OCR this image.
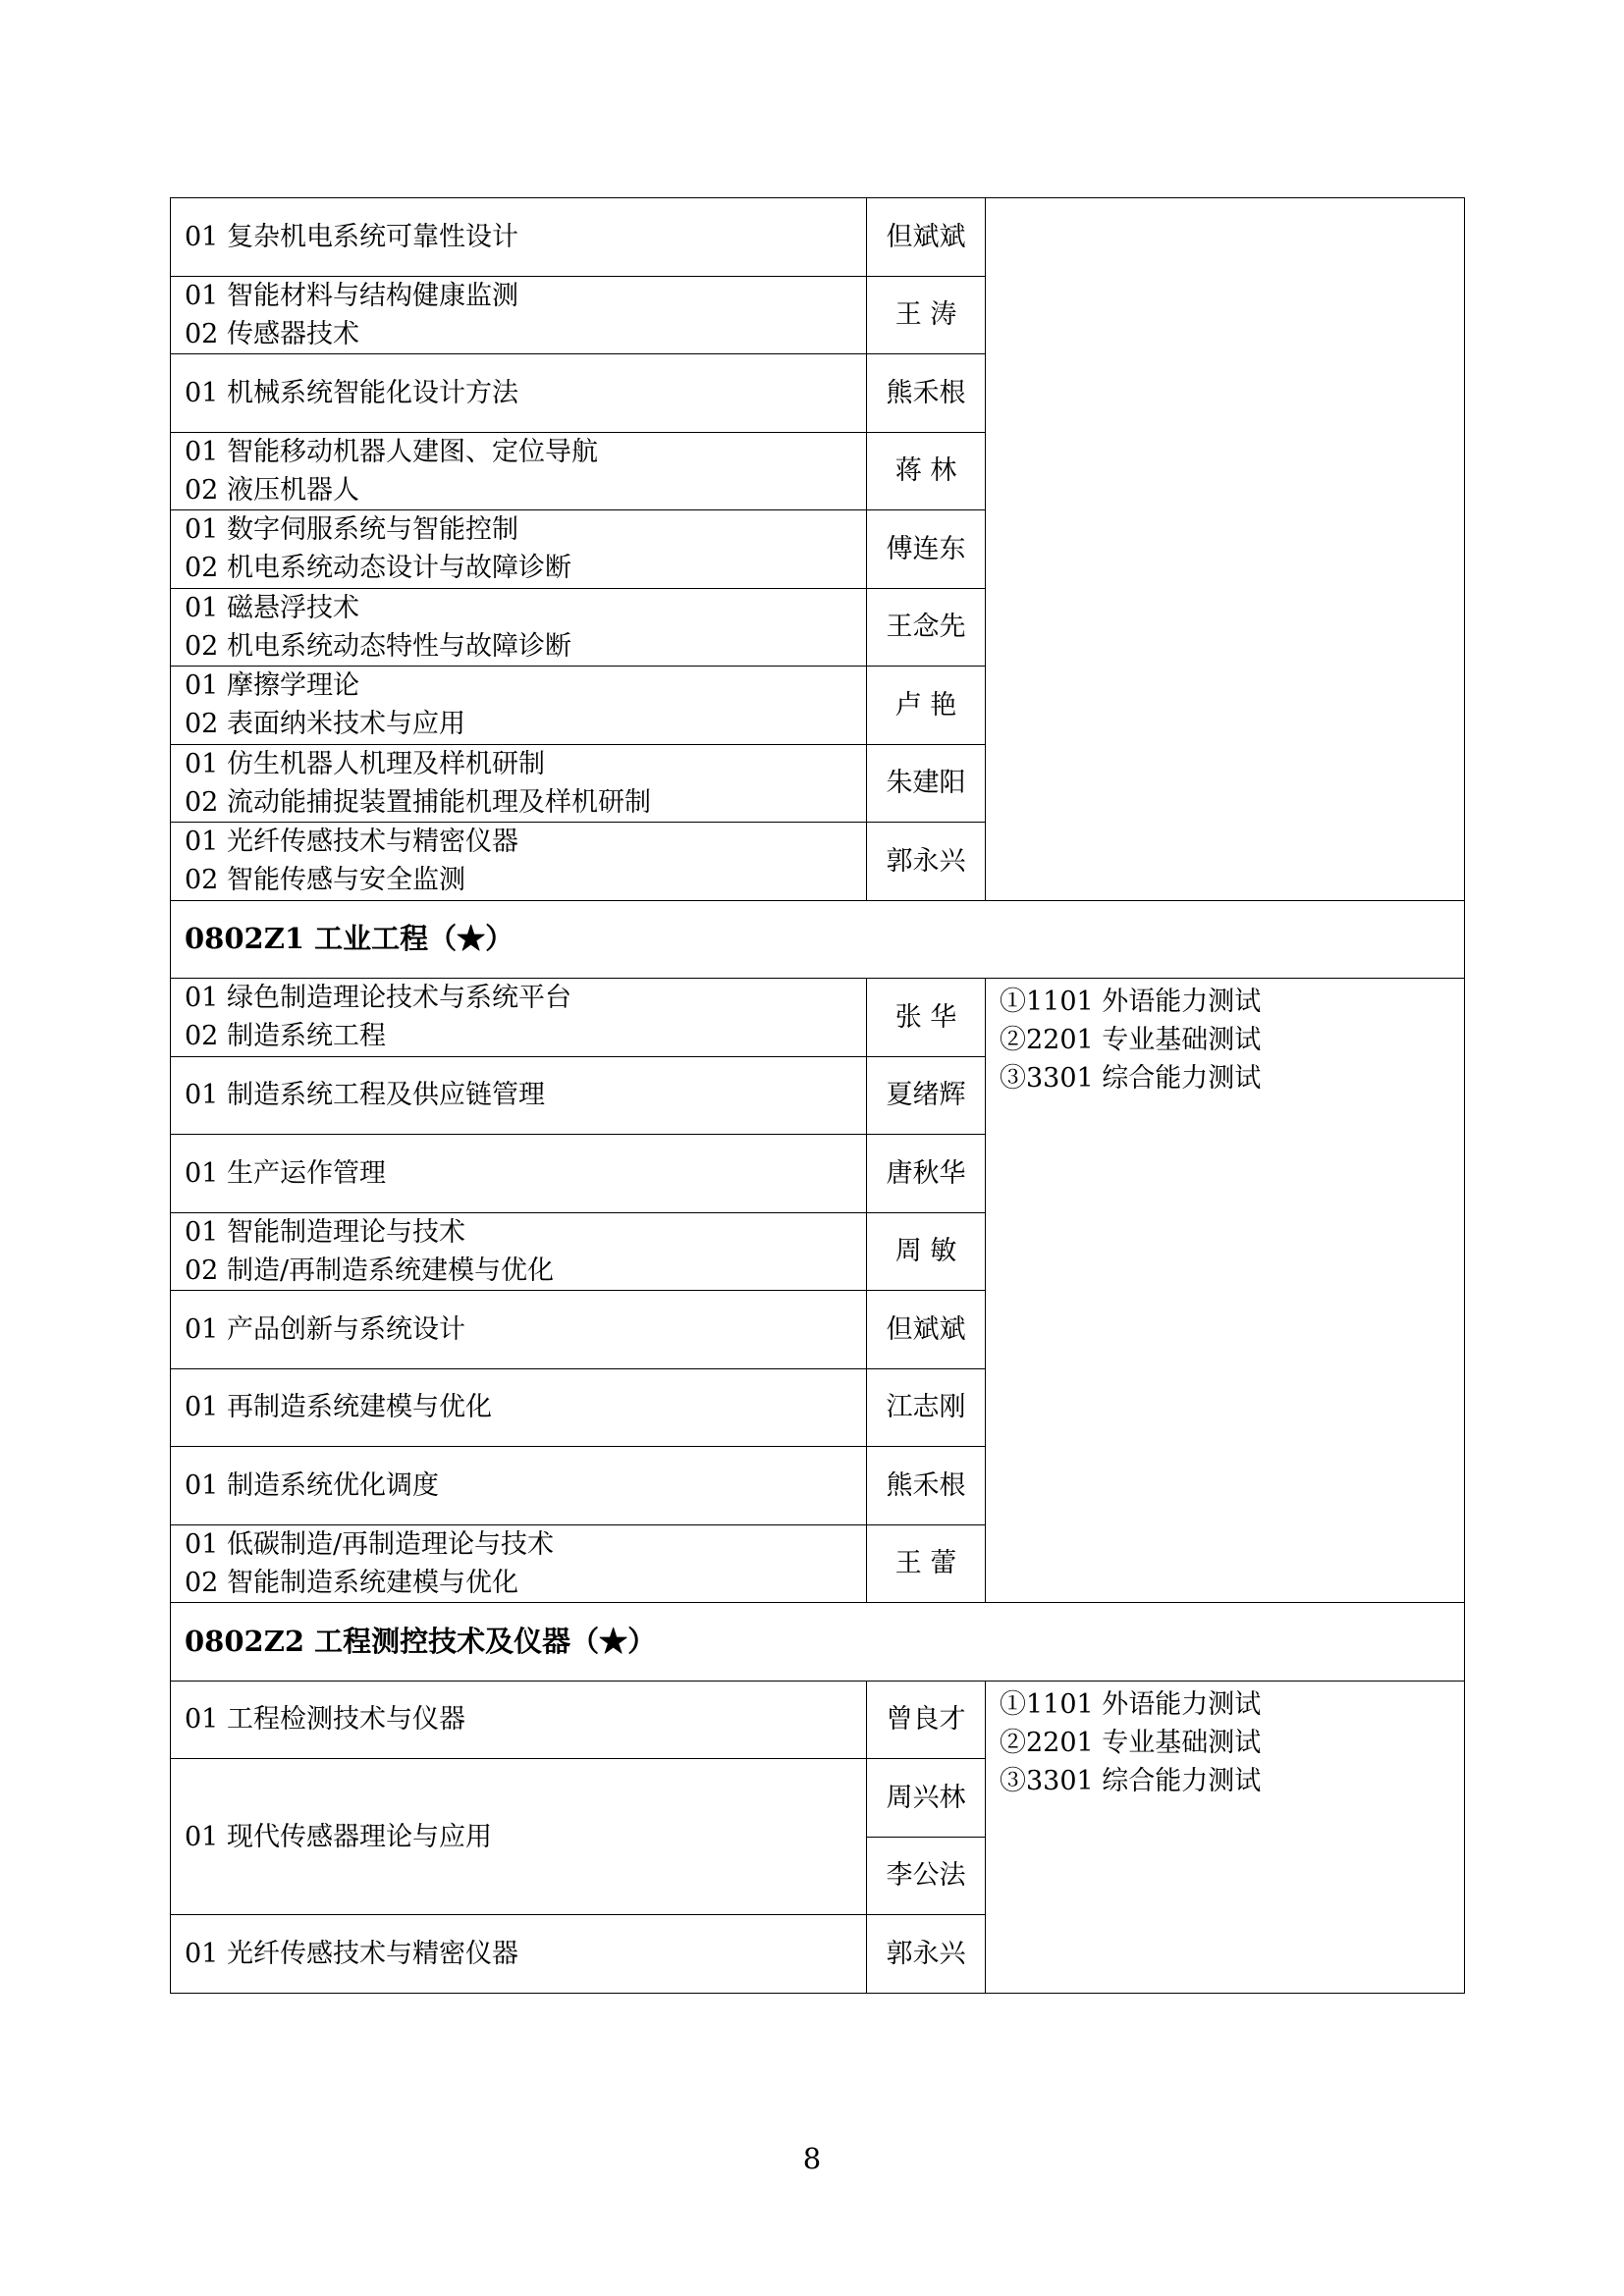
01 复杂机电系统可靠性设计	但斌斌	

01 智能材料与结构健康监测
02 传感器技术	王 涛	

01 机械系统智能化设计方法	熊禾根	

01 智能移动机器人建图、定位导航
02 液压机器人	蒋 林	

01 数字伺服系统与智能控制
02 机电系统动态设计与故障诊断	傅连东	

01 磁悬浮技术
02 机电系统动态特性与故障诊断	王念先	

01 摩擦学理论
02 表面纳米技术与应用	卢 艳	

01 仿生机器人机理及样机研制
02 流动能捕捉装置捕能机理及样机研制	朱建阳	

01 光纤传感技术与精密仪器
02 智能传感与安全监测	郭永兴	
0802Z1 工业工程（★）		

01 绿色制造理论技术与系统平台
02 制造系统工程	张 华	①1101 外语能力测试
②2201 专业基础测试
③3301 综合能力测试

01 制造系统工程及供应链管理	夏绪辉	

01 生产运作管理	唐秋华	

01 智能制造理论与技术
02 制造/再制造系统建模与优化	周 敏	

01 产品创新与系统设计	但斌斌	

01 再制造系统建模与优化	江志刚	

01 制造系统优化调度	熊禾根	

01 低碳制造/再制造理论与技术
02 智能制造系统建模与优化	王 蕾	
0802Z2 工程测控技术及仪器（★）		

01 工程检测技术与仪器	曾良才	①1101 外语能力测试
②2201 专业基础测试
③3301 综合能力测试

01 现代传感器理论与应用	周兴林	
	李公法	

01 光纤传感技术与精密仪器	郭永兴	
8
